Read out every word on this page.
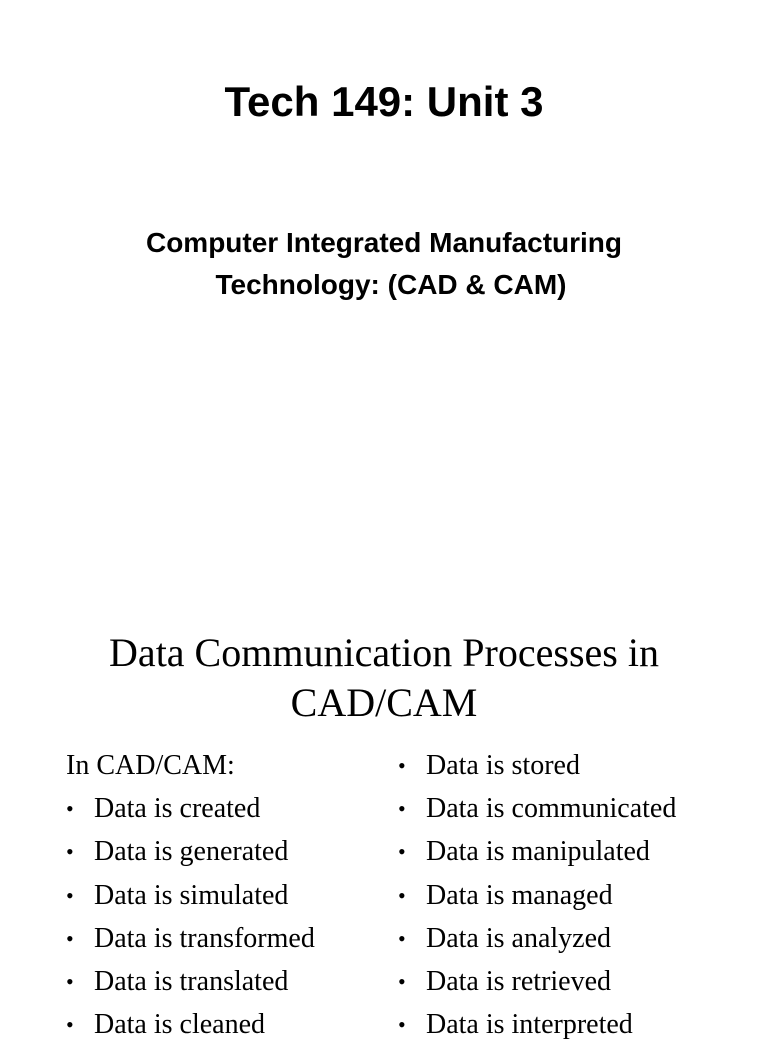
Tech 149: Unit 3
Computer Integrated Manufacturing
Technology: (CAD & CAM)
Data Communication Processes in
CAD/CAM
In CAD/CAM:
• Data is created
• Data is generated
• Data is simulated
• Data is transformed
• Data is translated
• Data is cleaned
• Data is stored
• Data is communicated
• Data is manipulated
• Data is managed
• Data is analyzed
• Data is retrieved
• Data is interpreted
